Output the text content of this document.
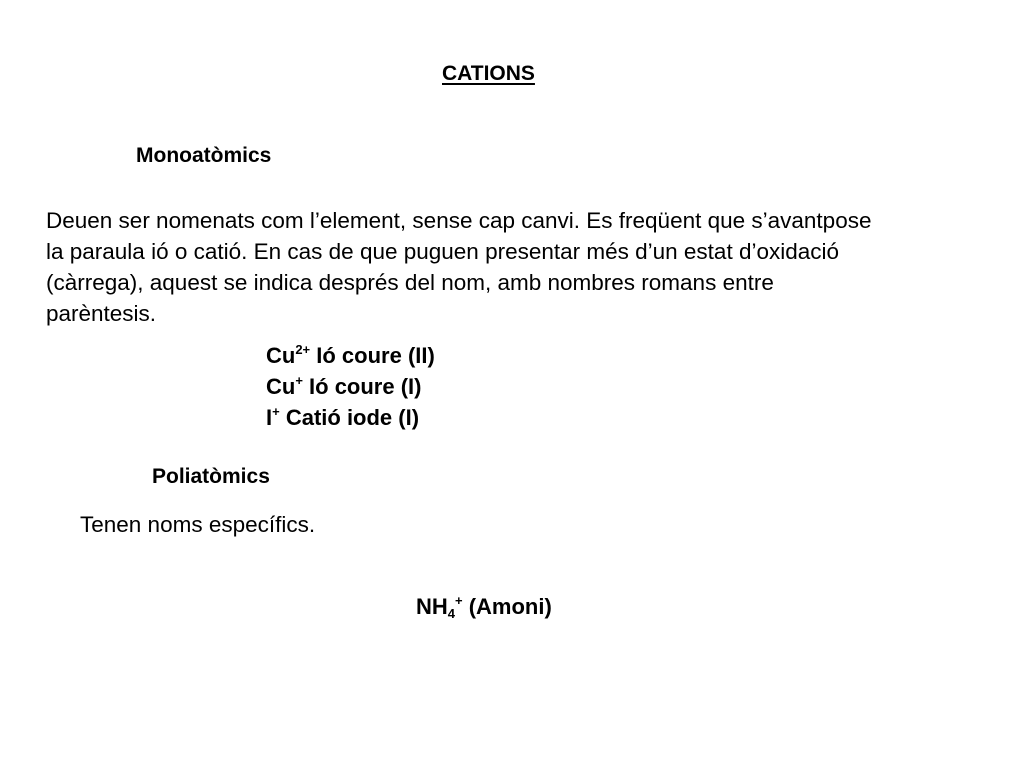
CATIONS
Monoatòmics
Deuen ser nomenats com l’element, sense cap canvi. Es freqüent que s’avantpose
la paraula ió o catió. En cas de que puguen presentar més d’un estat d’oxidació
(càrrega), aquest se indica després del nom, amb nombres romans entre
parèntesis.
$Cu^{2+}$ Ió coure (II)
Cu+ Ió coure (I)
I+ Catió iode (I)
Poliatòmics
Tenen noms específics.
$NH_4^+$ (Amoni)
